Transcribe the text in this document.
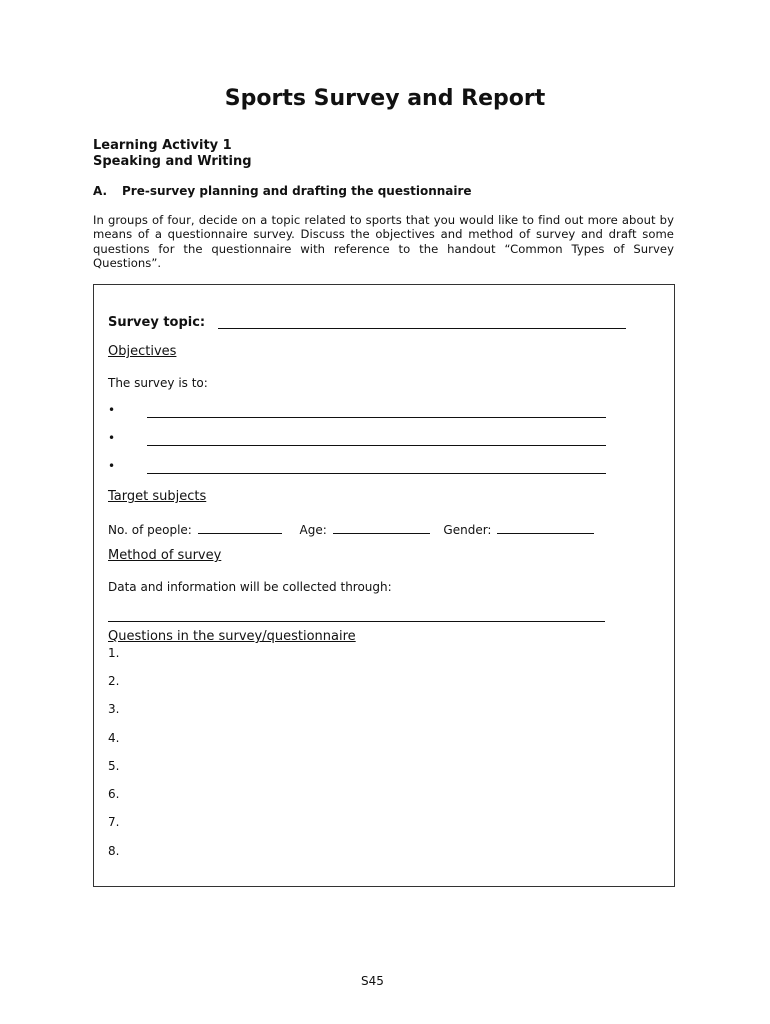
Sports Survey and Report
Learning Activity 1
Speaking and Writing
A. Pre-survey planning and drafting the questionnaire
In groups of four, decide on a topic related to sports that you would like to find out more about by means of a questionnaire survey. Discuss the objectives and method of survey and draft some questions for the questionnaire with reference to the handout “Common Types of Survey Questions”.
Survey topic:
Objectives
The survey is to:
•
•
•
Target subjects
No. of people:	Age:	Gender:
Method of survey
Data and information will be collected through:
Questions in the survey/questionnaire
1.
2.
3.
4.
5.
6.
7.
8.
S45
